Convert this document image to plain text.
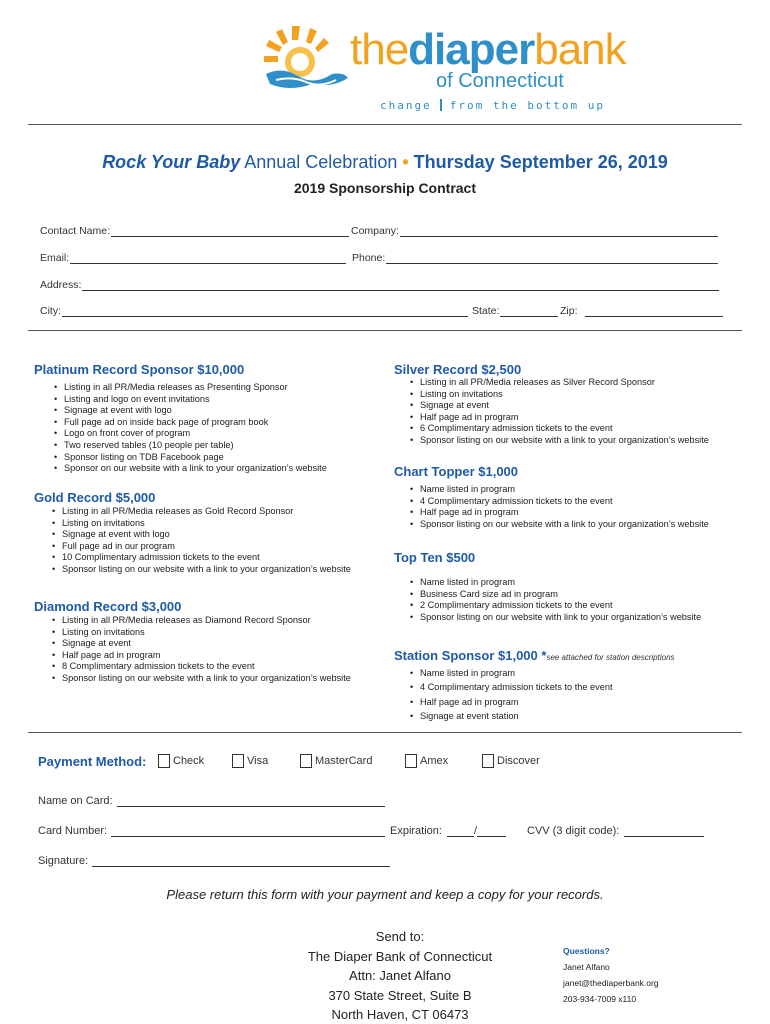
thediaperbank
of Connecticut
change from the bottom up
Rock Your Baby Annual Celebration • Thursday September 26, 2019
2019 Sponsorship Contract
Contact Name:	Company:
Email:	Phone:
Address:
City:	State:	Zip:
Platinum Record Sponsor $10,000
• Listing in all PR/Media releases as Presenting Sponsor
• Listing and logo on event invitations
• Signage at event with logo
• Full page ad on inside back page of program book
• Logo on front cover of program
• Two reserved tables (10 people per table)
• Sponsor listing on TDB Facebook page
• Sponsor on our website with a link to your organization’s website
Gold Record $5,000
• Listing in all PR/Media releases as Gold Record Sponsor
• Listing on invitations
• Signage at event with logo
• Full page ad in our program
• 10 Complimentary admission tickets to the event
• Sponsor listing on our website with a link to your organization’s website
Diamond Record $3,000
• Listing in all PR/Media releases as Diamond Record Sponsor
• Listing on invitations
• Signage at event
• Half page ad in program
• 8 Complimentary admission tickets to the event
• Sponsor listing on our website with a link to your organization’s website
Silver Record $2,500
• Listing in all PR/Media releases as Silver Record Sponsor
• Listing on invitations
• Signage at event
• Half page ad in program
• 6 Complimentary admission tickets to the event
• Sponsor listing on our website with a link to your organization’s website
Chart Topper $1,000
• Name listed in program
• 4 Complimentary admission tickets to the event
• Half page ad in program
• Sponsor listing on our website with a link to your organization’s website
Top Ten $500
• Name listed in program
• Business Card size ad in program
• 2 Complimentary admission tickets to the event
• Sponsor listing on our website with link to your organization’s website
Station Sponsor $1,000 *see attached for station descriptions
• Name listed in program
• 4 Complimentary admission tickets to the event
• Half page ad in program
• Signage at event station
Payment Method: Check	Visa	MasterCard	Amex	Discover
Name on Card:
Card Number:	Expiration:	/	CVV (3 digit code):
Signature:
Please return this form with your payment and keep a copy for your records.
Send to:
The Diaper Bank of Connecticut
Attn: Janet Alfano
370 State Street, Suite B
North Haven, CT 06473
Questions?
Janet Alfano
janet@thediaperbank.org
203-934-7009 x110
